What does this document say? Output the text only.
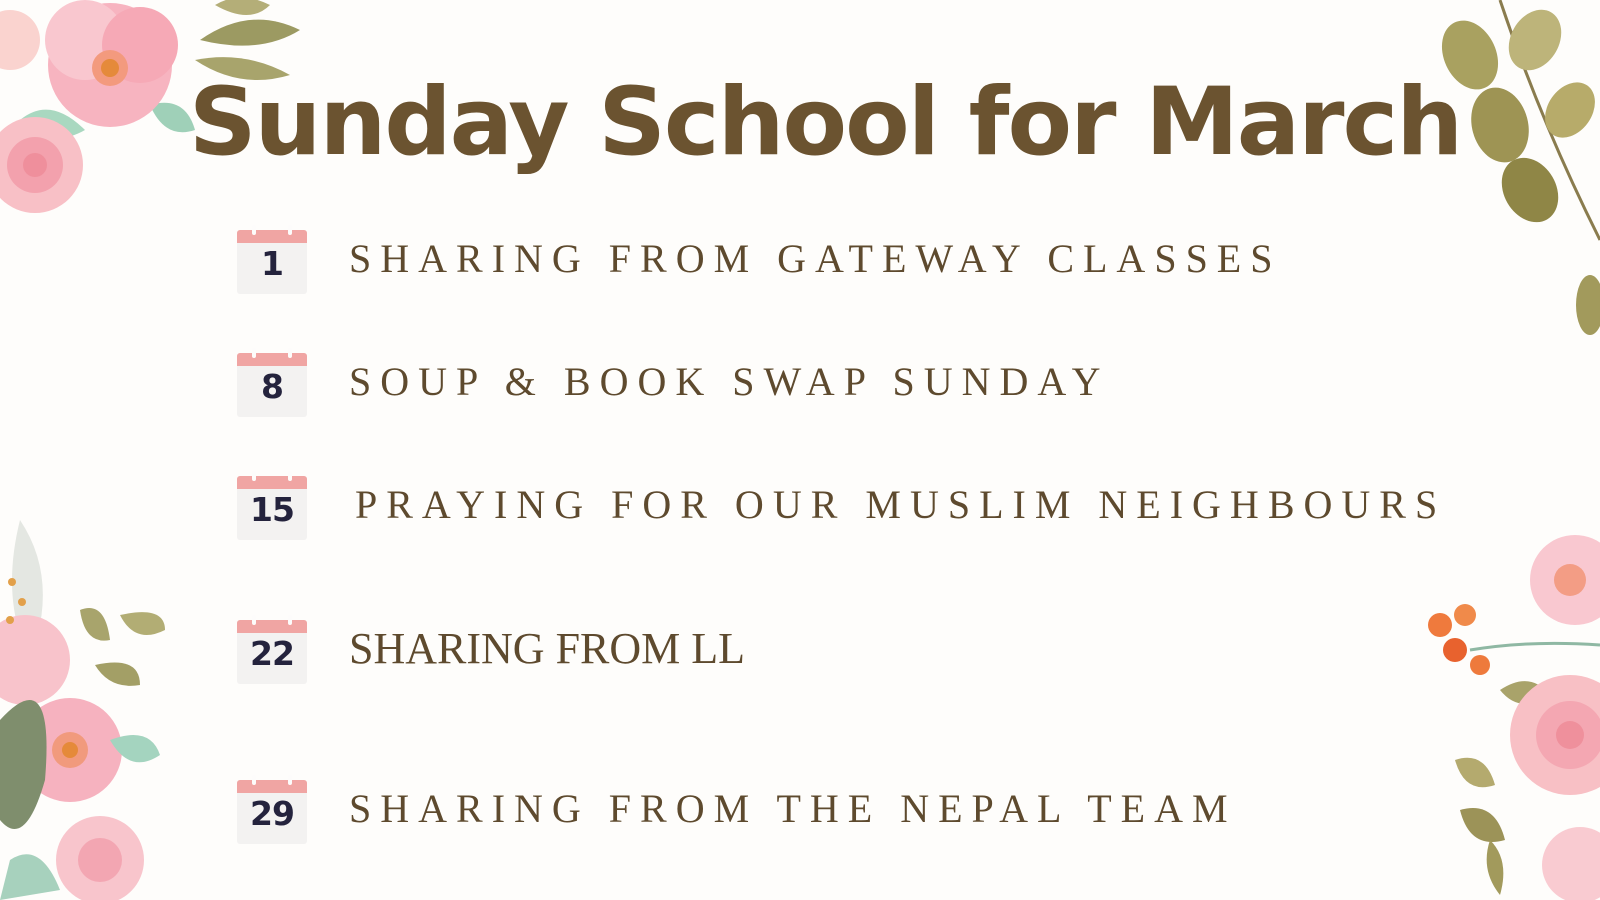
Sunday School for March
1	SHARING FROM GATEWAY CLASSES
8	SOUP & BOOK SWAP SUNDAY
15	PRAYING FOR OUR MUSLIM NEIGHBOURS
22 SHARING FROM LL
29	SHARING FROM THE NEPAL TEAM
